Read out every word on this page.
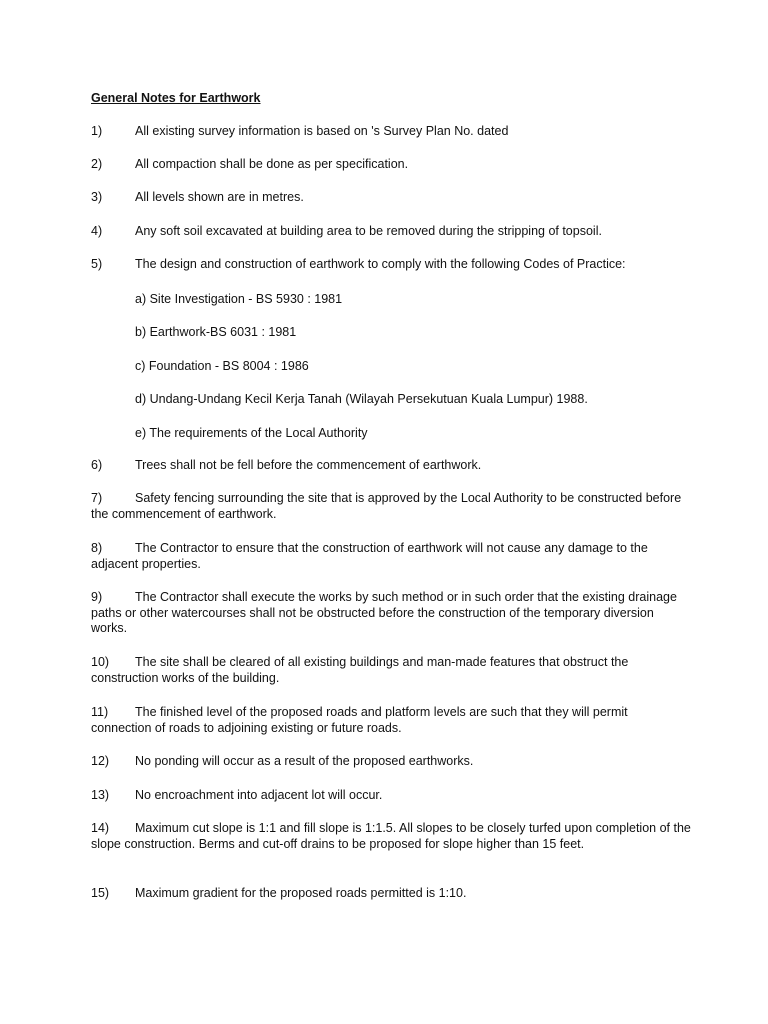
General Notes for Earthwork
1)	All existing survey information is based on 's Survey Plan No. dated
2)	All compaction shall be done as per specification.
3)	All levels shown are in metres.
4)	Any soft soil excavated at building area to be removed during the stripping of topsoil.
5)	The design and construction of earthwork to comply with the following Codes of Practice:
a) Site Investigation - BS 5930 : 1981
b) Earthwork-BS 6031 : 1981
c) Foundation - BS 8004 : 1986
d) Undang-Undang Kecil Kerja Tanah (Wilayah Persekutuan Kuala Lumpur) 1988.
e) The requirements of the Local Authority
6)	Trees shall not be fell before the commencement of earthwork.
7)	Safety fencing surrounding the site that is approved by the Local Authority to be constructed before the commencement of earthwork.
8)	The Contractor to ensure that the construction of earthwork will not cause any damage to the adjacent properties.
9)	The Contractor shall execute the works by such method or in such order that the existing drainage paths or other watercourses shall not be obstructed before the construction of the temporary diversion works.
10) The site shall be cleared of all existing buildings and man-made features that obstruct the construction works of the building.
11) The finished level of the proposed roads and platform levels are such that they will permit connection of roads to adjoining existing or future roads.
12) No ponding will occur as a result of the proposed earthworks.
13) No encroachment into adjacent lot will occur.
14) Maximum cut slope is 1:1 and fill slope is 1:1.5. All slopes to be closely turfed upon completion of the slope construction. Berms and cut-off drains to be proposed for slope higher than 15 feet.
15) Maximum gradient for the proposed roads permitted is 1:10.
